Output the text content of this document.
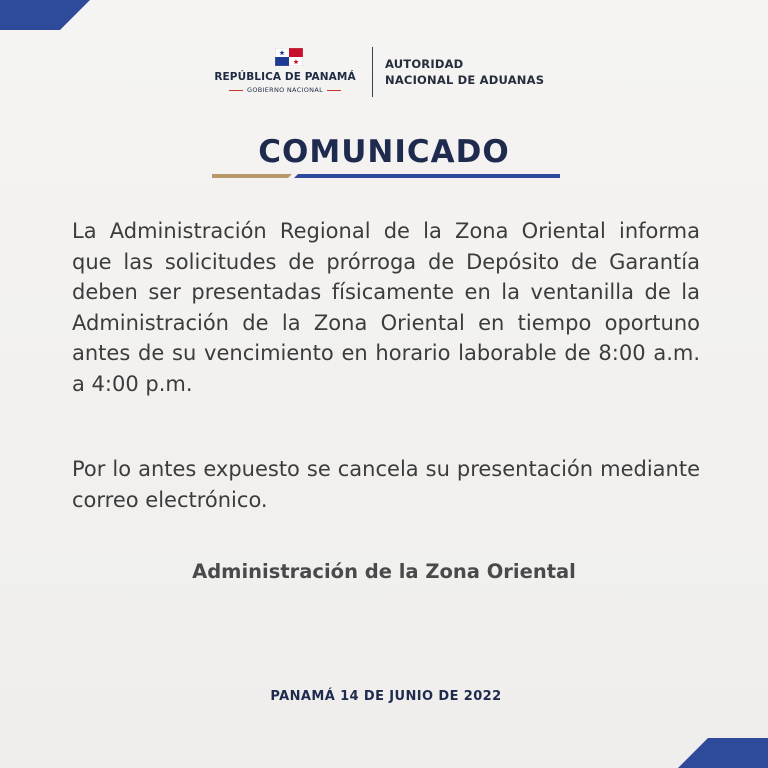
REPÚBLICA DE PANAMÁ
GOBIERNO NACIONAL
AUTORIDAD
NACIONAL DE ADUANAS
COMUNICADO
La Administración Regional de la Zona Oriental informa que las solicitudes de prórroga de Depósito de Garantía deben ser presentadas físicamente en la ventanilla de la Administración de la Zona Oriental en tiempo oportuno antes de su vencimiento en horario laborable de 8:00 a.m. a 4:00 p.m.
Por lo antes expuesto se cancela su presentación mediante correo electrónico.
Administración de la Zona Oriental
PANAMÁ 14 DE JUNIO DE 2022
